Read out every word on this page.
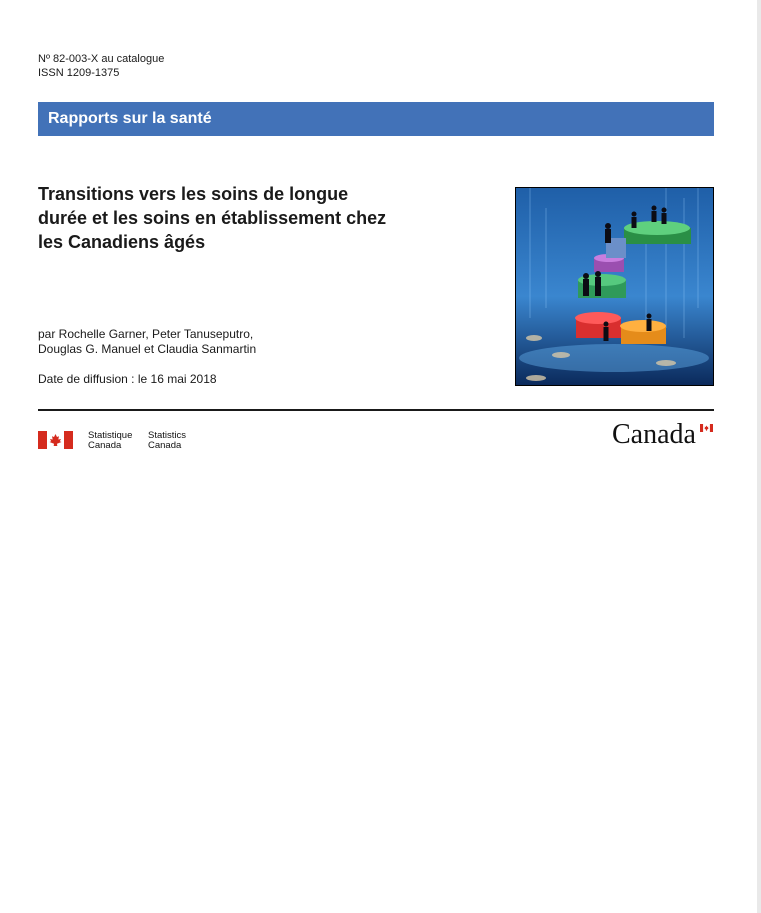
Nº 82-003-X au catalogue
ISSN 1209-1375
Rapports sur la santé
Transitions vers les soins de longue durée et les soins en établissement chez les Canadiens âgés
par Rochelle Garner, Peter Tanuseputro,
Douglas G. Manuel et Claudia Sanmartin
Date de diffusion : le 16 mai 2018
Statistique
Canada
Statistics
Canada	Canada
